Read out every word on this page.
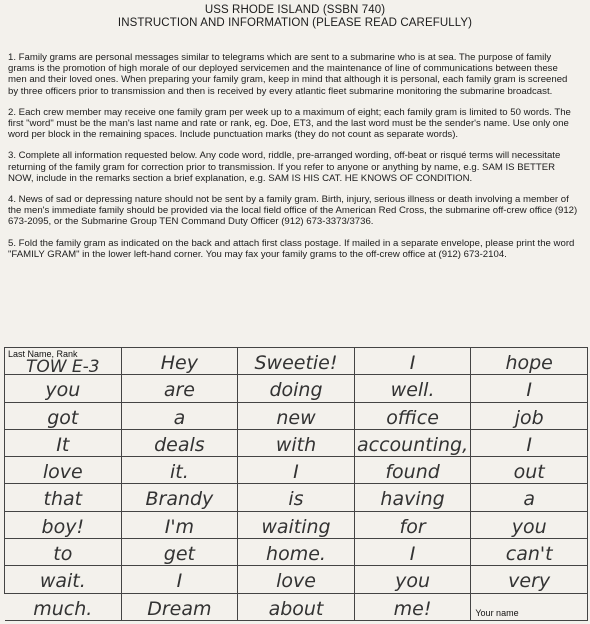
USS RHODE ISLAND (SSBN 740)
INSTRUCTION AND INFORMATION (PLEASE READ CAREFULLY)
1. Family grams are personal messages similar to telegrams which are sent to a submarine who is at sea. The purpose of family grams is the promotion of high morale of our deployed servicemen and the maintenance of line of communications between these men and their loved ones. When preparing your family gram, keep in mind that although it is personal, each family gram is screened by three officers prior to transmission and then is received by every atlantic fleet submarine monitoring the submarine broadcast.
2. Each crew member may receive one family gram per week up to a maximum of eight; each family gram is limited to 50 words. The first "word" must be the man's last name and rate or rank, eg. Doe, ET3, and the last word must be the sender's name. Use only one word per block in the remaining spaces. Include punctuation marks (they do not count as separate words).
3. Complete all information requested below. Any code word, riddle, pre-arranged wording, off-beat or risqué terms will necessitate returning of the family gram for correction prior to transmission. If you refer to anyone or anything by name, e.g. SAM IS BETTER NOW, include in the remarks section a brief explanation, e.g. SAM IS HIS CAT. HE KNOWS OF CONDITION.
4. News of sad or depressing nature should not be sent by a family gram. Birth, injury, serious illness or death involving a member of the men's immediate family should be provided via the local field office of the American Red Cross, the submarine off-crew office (912) 673-2095, or the Submarine Group TEN Command Duty Officer (912) 673-3373/3736.
5. Fold the family gram as indicated on the back and attach first class postage. If mailed in a separate envelope, please print the word "FAMILY GRAM" in the lower left-hand corner. You may fax your family grams to the off-crew office at (912) 673-2104.
Last Name, Rank
TOW E-3	Hey	Sweetie!	I	hope
you	are	doing	well.	I
got	a	new	office	job
It	deals	with	accounting,	I
love	it.	I	found	out
that	Brandy	is	having	a
boy!	I'm	waiting	for	you
to	get	home.	I	can't
wait.	I	love	you	very
much.	Dream	about	me!	Your name
